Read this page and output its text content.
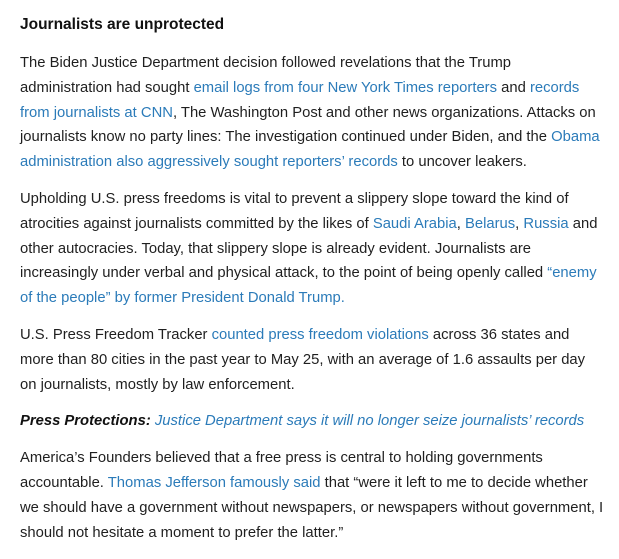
Journalists are unprotected

The Biden Justice Department decision followed revelations that the Trump administration had sought email logs from four New York Times reporters and records from journalists at CNN, The Washington Post and other news organizations. Attacks on journalists know no party lines: The investigation continued under Biden, and the Obama administration also aggressively sought reporters’ records to uncover leakers.

Upholding U.S. press freedoms is vital to prevent a slippery slope toward the kind of atrocities against journalists committed by the likes of Saudi Arabia, Belarus, Russia and other autocracies. Today, that slippery slope is already evident. Journalists are increasingly under verbal and physical attack, to the point of being openly called “enemy of the people” by former President Donald Trump.

U.S. Press Freedom Tracker counted press freedom violations across 36 states and more than 80 cities in the past year to May 25, with an average of 1.6 assaults per day on journalists, mostly by law enforcement.

Press Protections: Justice Department says it will no longer seize journalists’ records

America’s Founders believed that a free press is central to holding governments accountable. Thomas Jefferson famously said that “were it left to me to decide whether we should have a government without newspapers, or newspapers without government, I should not hesitate a moment to prefer the latter.”
